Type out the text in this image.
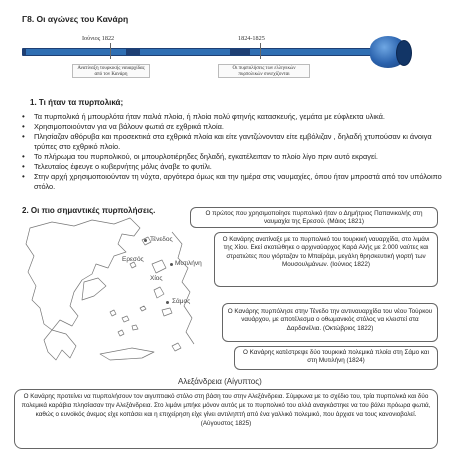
Γ8. Οι αγώνες του Κανάρη
Ιούνιος 1822	1824-1825
Ανατίναξη τουρκικής ναυαρχίδας από τον Κανάρη
Οι πυρπολήσεις των ελληνικών πυρπολικών συνεχίζονται
1. Τι ήταν τα πυρπολικά;
• Τα πυρπολικά ή μπουρλότα ήταν παλιά πλοία, ή πλοία πολύ φτηνής κατασκευής, γεμάτα με εύφλεκτα υλικά.
• Χρησιμοποιούνταν για να βάλουν φωτιά σε εχθρικά πλοία.
• Πλησίαζαν αθόρυβα και προσεκτικά στα εχθρικά πλοία και είτε γαντζώνονταν είτε εμβόλιζαν , δηλαδή χτυπούσαν κι άνοιγα τρύπες στο εχθρικό πλοίο.
• Το πλήρωμα του πυρπολικού, οι μπουρλοτιέρηδες δηλαδή, εγκατέλειπαν το πλοίο λίγο πριν αυτό εκραγεί.
• Τελευταίος έφευγε ο κυβερνήτης μόλις άναβε το φυτίλι.
• Στην αρχή χρησιμοποιούνταν τη νύχτα, αργότερα όμως και την ημέρα στις ναυμαχίες, όπου ήταν μπροστά από τον υπόλοιπο στόλο.
2. Οι πιο σημαντικές πυρπολήσεις.
Τένεδος
Ερεσός
Μυτιλήνη
Χίος
Σάμος
Ο πρώτος που χρησιμοποίησε πυρπολικό ήταν ο Δημήτριος Παπανικολής στη ναυμαχία της Ερεσού. (Μάιος 1821)
Ο Κανάρης ανατίναξε με το πυρπολικό του τουρκική ναυαρχίδα, στο λιμάνι της Χίου. Εκεί σκοτώθηκε ο αρχιναύαρχος Καρά Αλής με 2.000 ναύτες και στρατιώτες που γιόρταζαν το Μπαϊράμι, μεγάλη θρησκευτική γιορτή των Μουσουλμάνων. (Ιούνιος 1822)
Ο Κανάρης πυρπόλησε στην Τένεδο την αντιναυαρχίδα του νέου Τούρκου ναυάρχου, με αποτέλεσμα ο οθωμανικός στόλος να κλειστεί στα Δαρδανέλια. (Οκτώβριος 1822)
Ο Κανάρης κατέστρεψε δύο τουρκικά πολεμικά πλοία στη Σάμο και στη Μυτιλήνη (1824)
Αλεξάνδρεια (Αίγυπτος)
Ο Κανάρης προτείνει να πυρπολήσουν τον αιγυπτιακό στόλο στη βάση του στην Αλεξάνδρεια. Σύμφωνα με το σχέδιο του, τρία πυρπολικά και δύο πολεμικά καράβια πλησίασαν την Αλεξάνδρεια. Στο λιμάνι μπήκε μόνον αυτός με το πυρπολικό του αλλά αναγκάστηκε να του βάλει πρόωρα φωτιά, καθώς ο ευνοϊκός άνεμος είχε κοπάσει και η επιχείρηση είχε γίνει αντιληπτή από ένα γαλλικό πολεμικό, που άρχισε να τους κανονιοβολεί. (Αύγουστος 1825)
